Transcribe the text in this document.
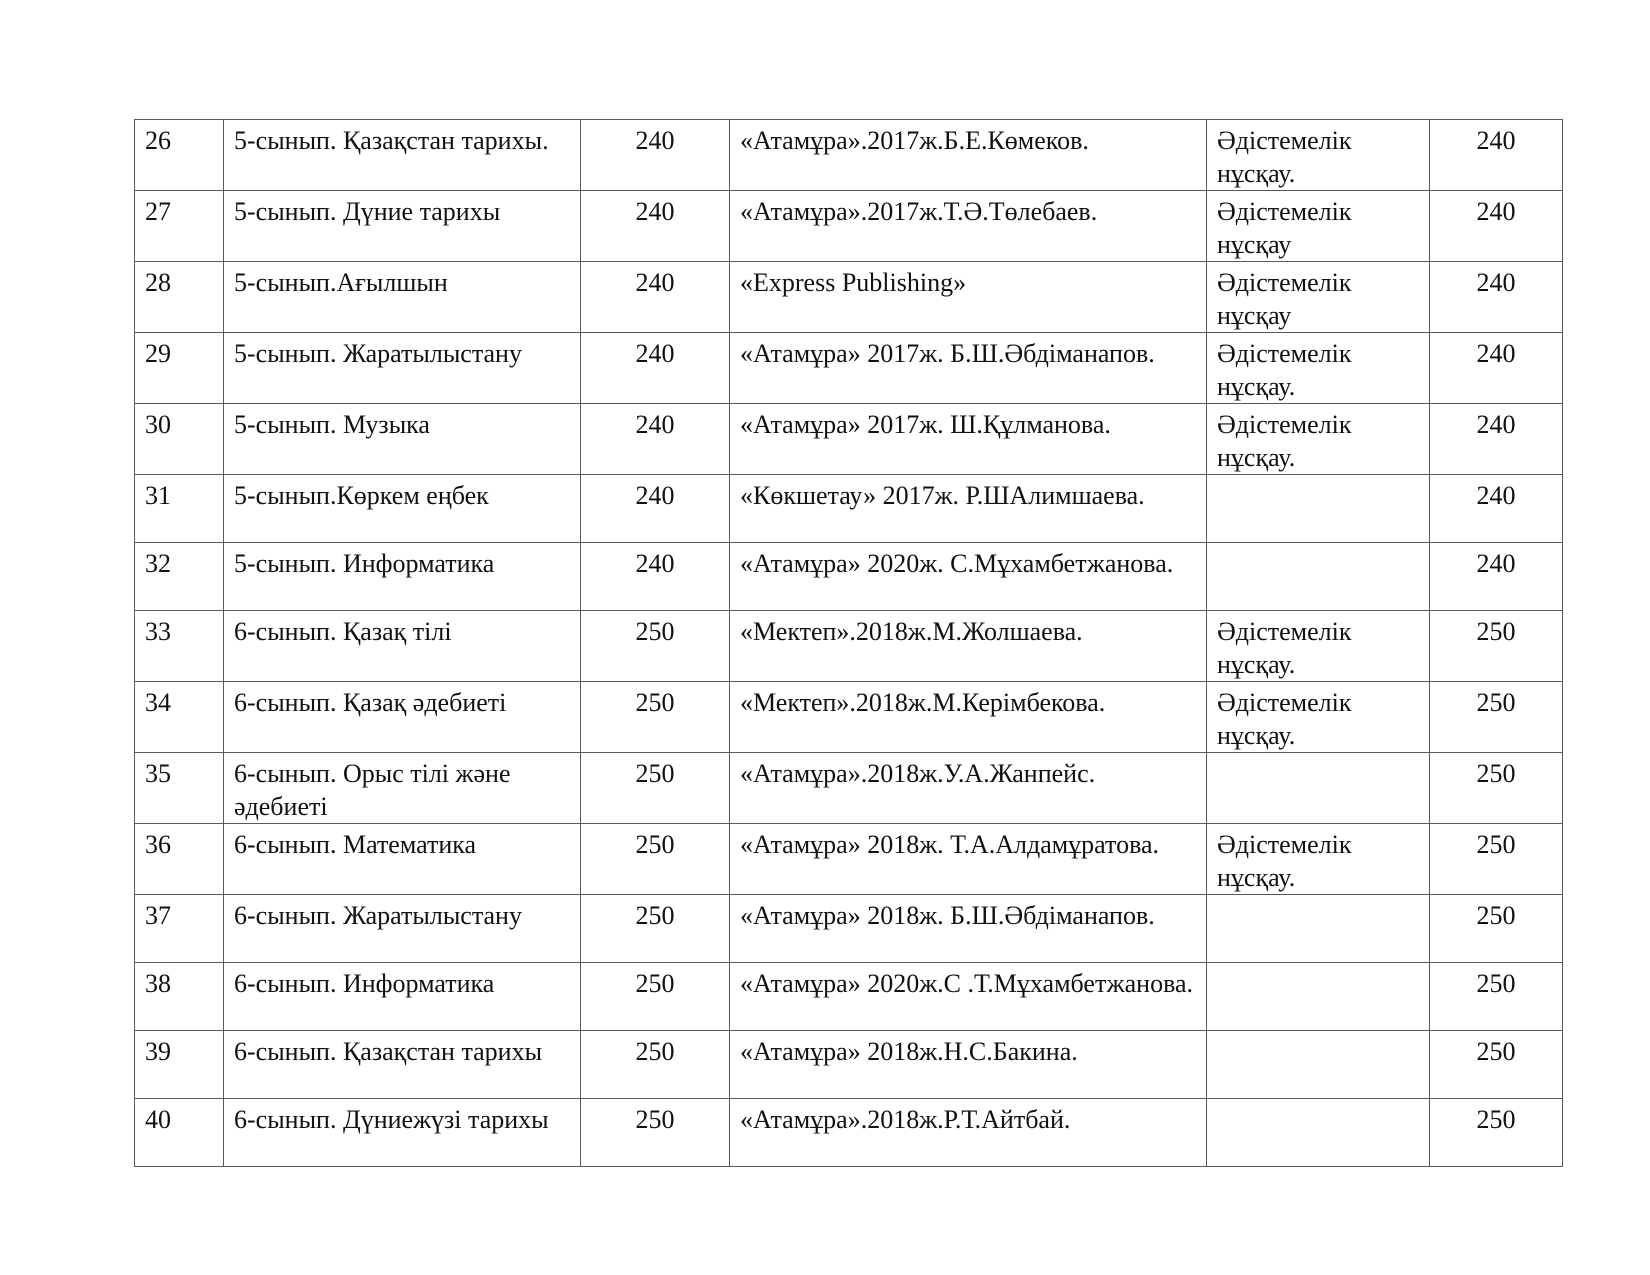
26	5-сынып. Қазақстан тарихы.	240	«Атамұра».2017ж.Б.Е.Көмеков.	Әдістемелік нұсқау.	240
27	5-сынып. Дүние тарихы	240	«Атамұра».2017ж.Т.Ә.Төлебаев.	Әдістемелік нұсқау	240
28	5-сынып.Ағылшын	240	«Express Publishing»	Әдістемелік нұсқау	240
29	5-сынып. Жаратылыстану	240	«Атамұра» 2017ж. Б.Ш.Әбдіманапов.	Әдістемелік нұсқау.	240
30	5-сынып. Музыка	240	«Атамұра» 2017ж. Ш.Құлманова.	Әдістемелік нұсқау.	240
31	5-сынып.Көркем еңбек	240	«Көкшетау» 2017ж. Р.ШАлимшаева.		240
32	5-сынып. Информатика	240	«Атамұра» 2020ж. С.Мұхамбетжанова.		240
33	6-сынып. Қазақ тілі	250	«Мектеп».2018ж.М.Жолшаева.	Әдістемелік нұсқау.	250
34	6-сынып. Қазақ әдебиеті	250	«Мектеп».2018ж.М.Керімбекова.	Әдістемелік нұсқау.	250
35	6-сынып. Орыс тілі және әдебиеті	250	«Атамұра».2018ж.У.А.Жанпейс.		250
36	6-сынып. Математика	250	«Атамұра» 2018ж. Т.А.Алдамұратова.	Әдістемелік нұсқау.	250
37	6-сынып. Жаратылыстану	250	«Атамұра» 2018ж. Б.Ш.Әбдіманапов.		250
38	6-сынып. Информатика	250	«Атамұра» 2020ж.С .Т.Мұхамбетжанова.		250
39	6-сынып. Қазақстан тарихы	250	«Атамұра» 2018ж.Н.С.Бакина.		250
40	6-сынып. Дүниежүзі тарихы	250	«Атамұра».2018ж.Р.Т.Айтбай.		250
